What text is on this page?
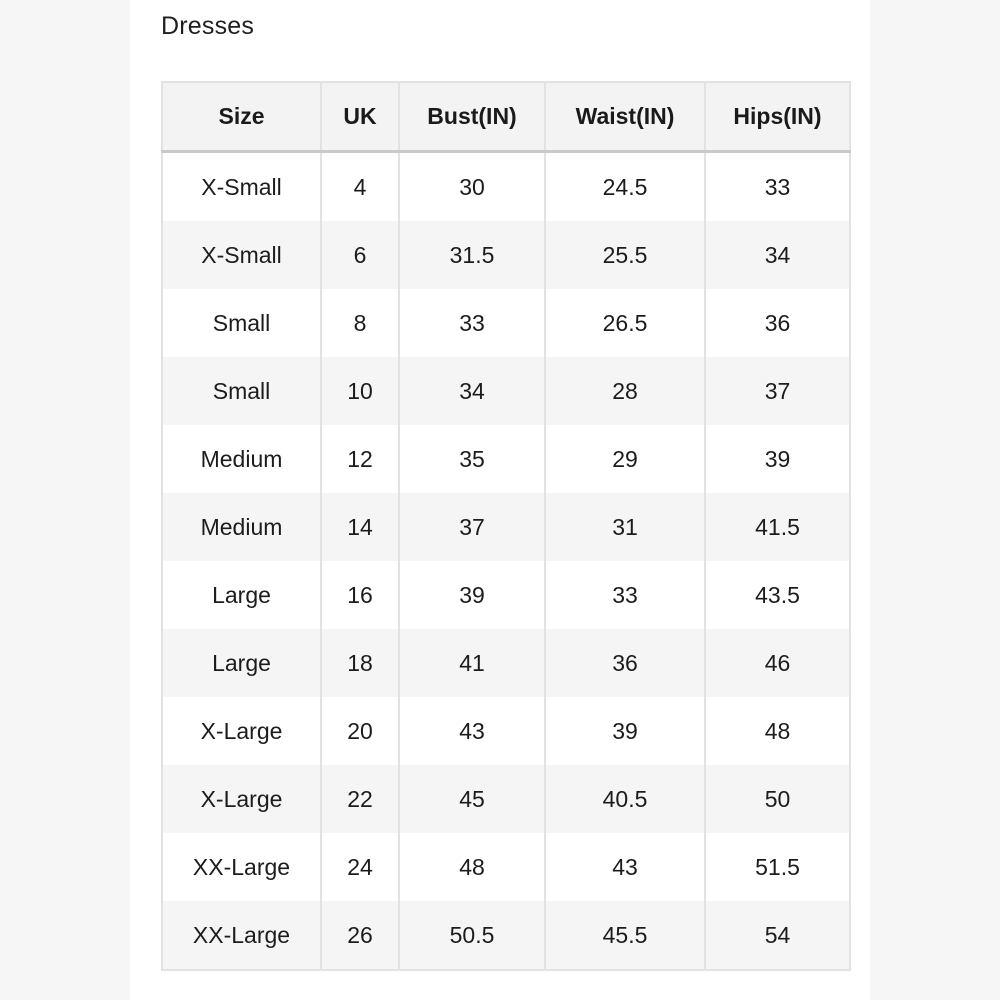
Dresses
Size	UK	Bust(IN)	Waist(IN)	Hips(IN)
X-Small	4	30	24.5	33
X-Small	6	31.5	25.5	34
Small	8	33	26.5	36
Small	10	34	28	37
Medium	12	35	29	39
Medium	14	37	31	41.5
Large	16	39	33	43.5
Large	18	41	36	46
X-Large	20	43	39	48
X-Large	22	45	40.5	50
XX-Large	24	48	43	51.5
XX-Large	26	50.5	45.5	54
